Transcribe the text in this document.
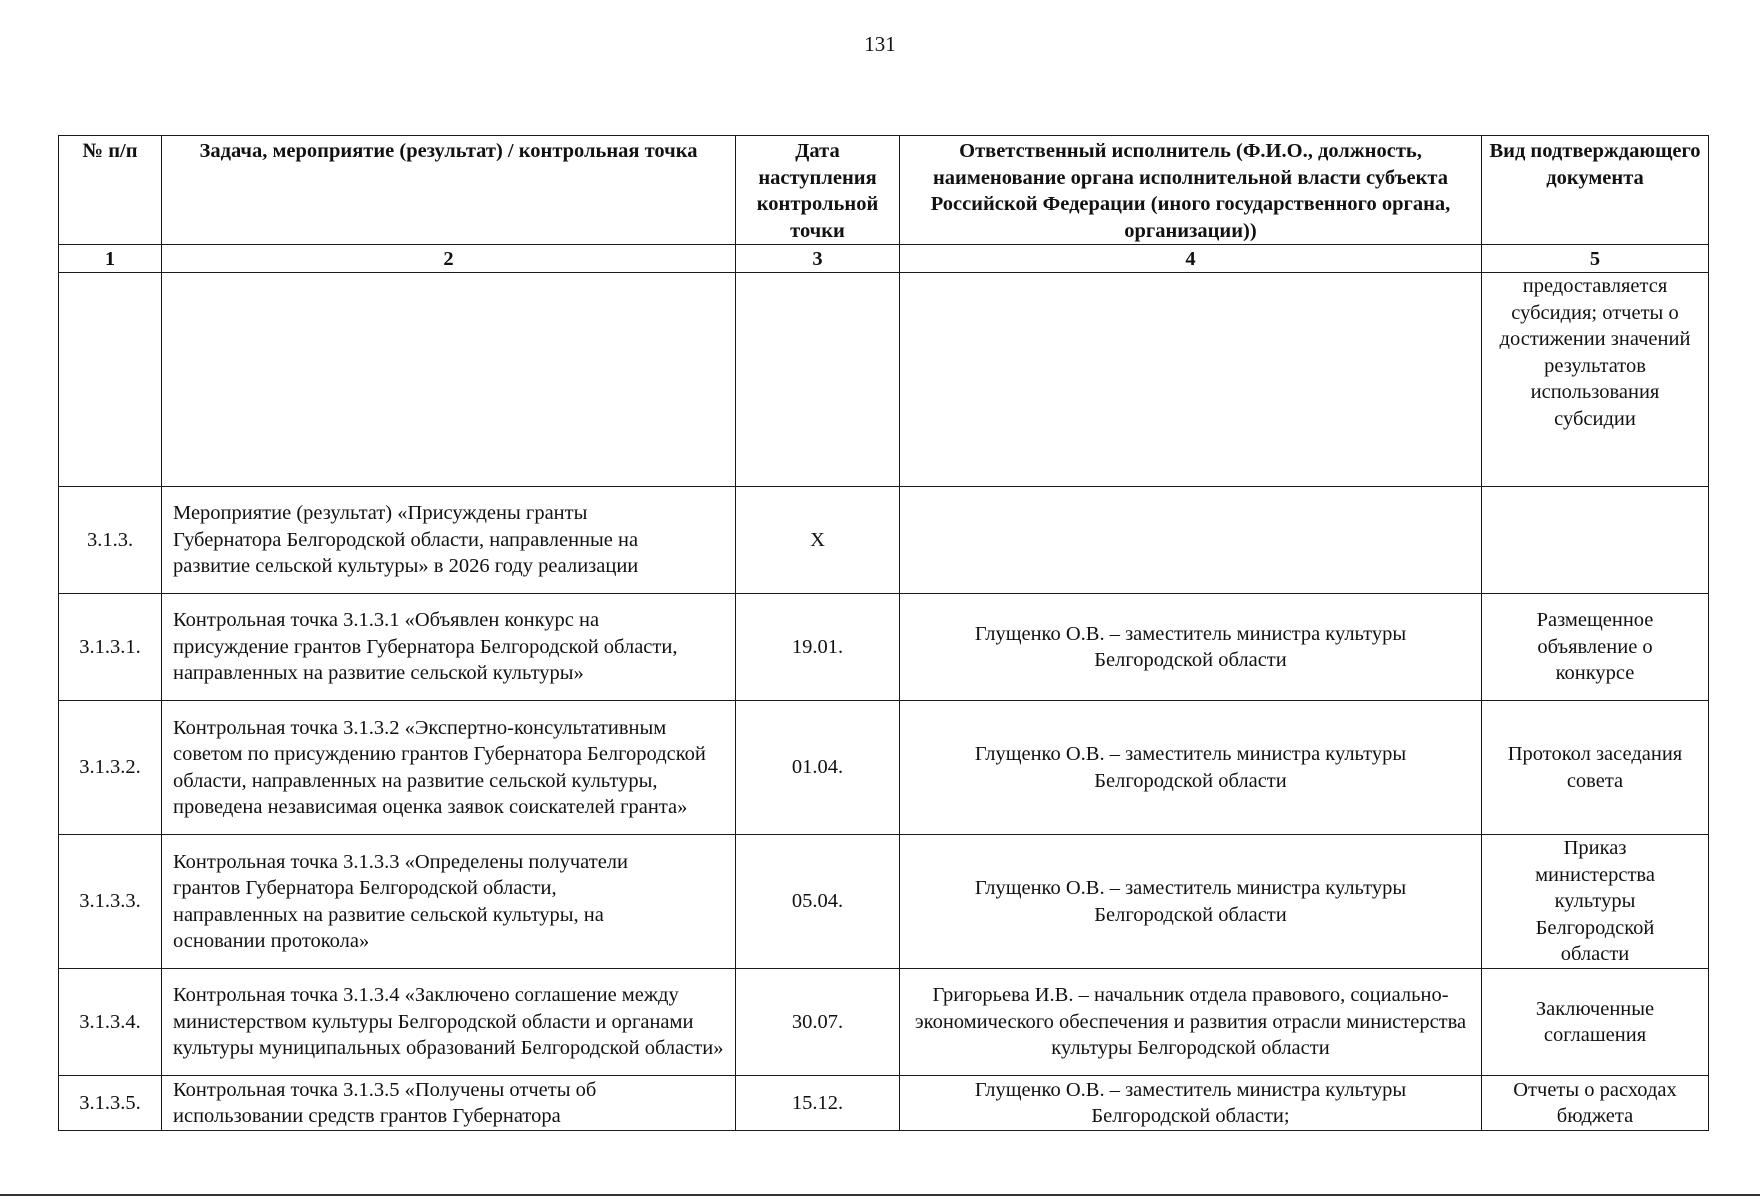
131
№ п/п	Задача, мероприятие (результат) / контрольная точка	Дата наступления контрольной точки	Ответственный исполнитель (Ф.И.О., должность, наименование органа исполнительной власти субъекта Российской Федерации (иного государственного органа, организации))	Вид подтверждающего документа
1	2	3	4	5
				предоставляется субсидия; отчеты о достижении значений результатов использования субсидии
3.1.3.	Мероприятие (результат) «Присуждены гранты Губернатора Белгородской области, направленные на развитие сельской культуры» в 2026 году реализации	X		
3.1.3.1.	Контрольная точка 3.1.3.1 «Объявлен конкурс на присуждение грантов Губернатора Белгородской области, направленных на развитие сельской культуры»	19.01.	Глущенко О.В. – заместитель министра культуры Белгородской области	Размещенное объявление о конкурсе
3.1.3.2.	Контрольная точка 3.1.3.2 «Экспертно-консультативным советом по присуждению грантов Губернатора Белгородской области, направленных на развитие сельской культуры, проведена независимая оценка заявок соискателей гранта»	01.04.	Глущенко О.В. – заместитель министра культуры Белгородской области	Протокол заседания совета
3.1.3.3.	Контрольная точка 3.1.3.3 «Определены получатели грантов Губернатора Белгородской области, направленных на развитие сельской культуры, на основании протокола»	05.04.	Глущенко О.В. – заместитель министра культуры Белгородской области	Приказ министерства культуры Белгородской области
3.1.3.4.	Контрольная точка 3.1.3.4 «Заключено соглашение между министерством культуры Белгородской области и органами культуры муниципальных образований Белгородской области»	30.07.	Григорьева И.В. – начальник отдела правового, социально-экономического обеспечения и развития отрасли министерства культуры Белгородской области	Заключенные соглашения
3.1.3.5.	Контрольная точка 3.1.3.5 «Получены отчеты об использовании средств грантов Губернатора	15.12.	Глущенко О.В. – заместитель министра культуры Белгородской области;	Отчеты о расходах бюджета
